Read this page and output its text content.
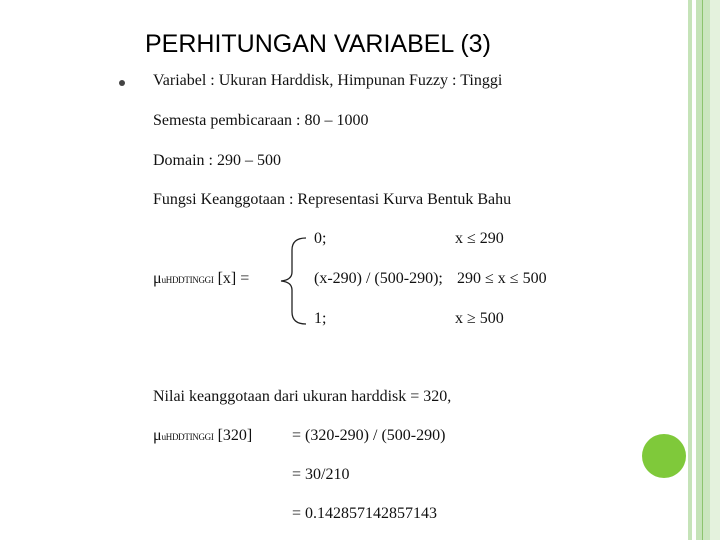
PERHITUNGAN VARIABEL (3)
Variabel : Ukuran Harddisk, Himpunan Fuzzy : Tinggi
Semesta pembicaraan : 80 – 1000
Domain : 290 – 500
Fungsi Keanggotaan : Representasi Kurva Bentuk Bahu
μuHDDTINGGI [x] =
0;	x ≤ 290
(x-290) / (500-290); 290 ≤ x ≤ 500
1;	x ≥ 500
Nilai keanggotaan dari ukuran harddisk = 320,
μuHDDTINGGI [320] = (320-290) / (500-290)
= 30/210
= 0.142857142857143
